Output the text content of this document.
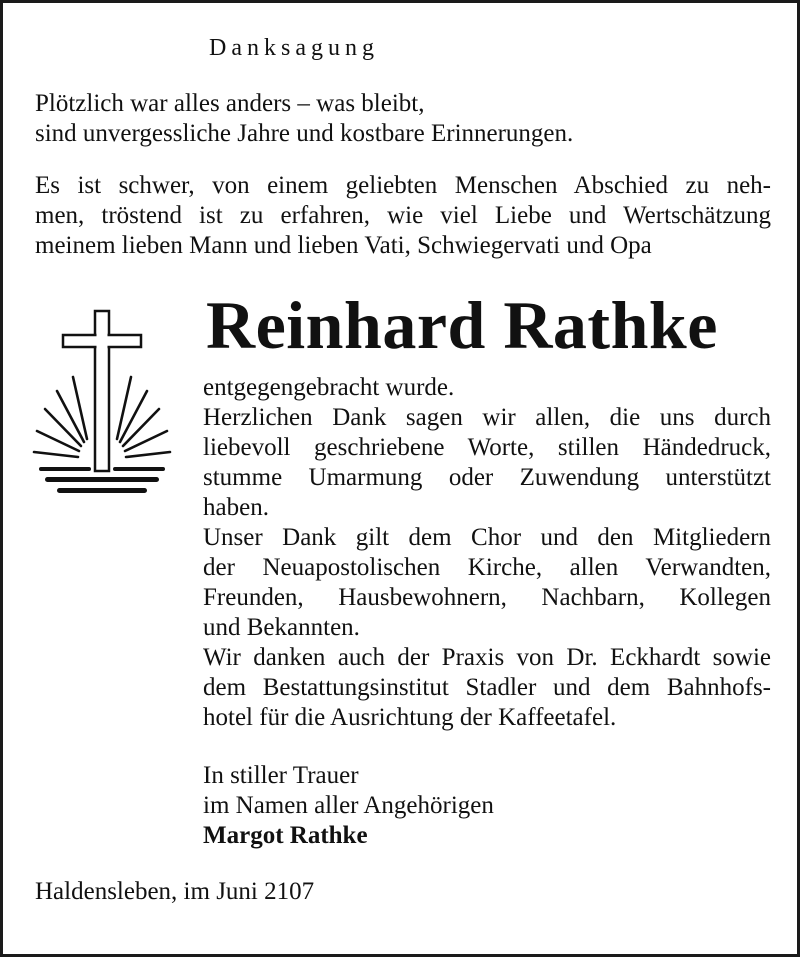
Danksagung

Plötzlich war alles anders – was bleibt,

sind unvergessliche Jahre und kostbare Erinnerungen.

Es ist schwer, von einem geliebten Menschen Abschied zu neh-

men, tröstend ist zu erfahren, wie viel Liebe und Wertschätzung

meinem lieben Mann und lieben Vati, Schwiegervati und Opa

Reinhard Rathke

entgegengebracht wurde.

Herzlichen Dank sagen wir allen, die uns durch

liebevoll geschriebene Worte, stillen Händedruck,

stumme Umarmung oder Zuwendung unterstützt

haben.

Unser Dank gilt dem Chor und den Mitgliedern

der Neuapostolischen Kirche, allen Verwandten,

Freunden, Hausbewohnern, Nachbarn, Kollegen

und Bekannten.

Wir danken auch der Praxis von Dr. Eckhardt sowie

dem Bestattungsinstitut Stadler und dem Bahnhofs-

hotel für die Ausrichtung der Kaffeetafel.

In stiller Trauer

im Namen aller Angehörigen

Margot Rathke

Haldensleben, im Juni 2107
